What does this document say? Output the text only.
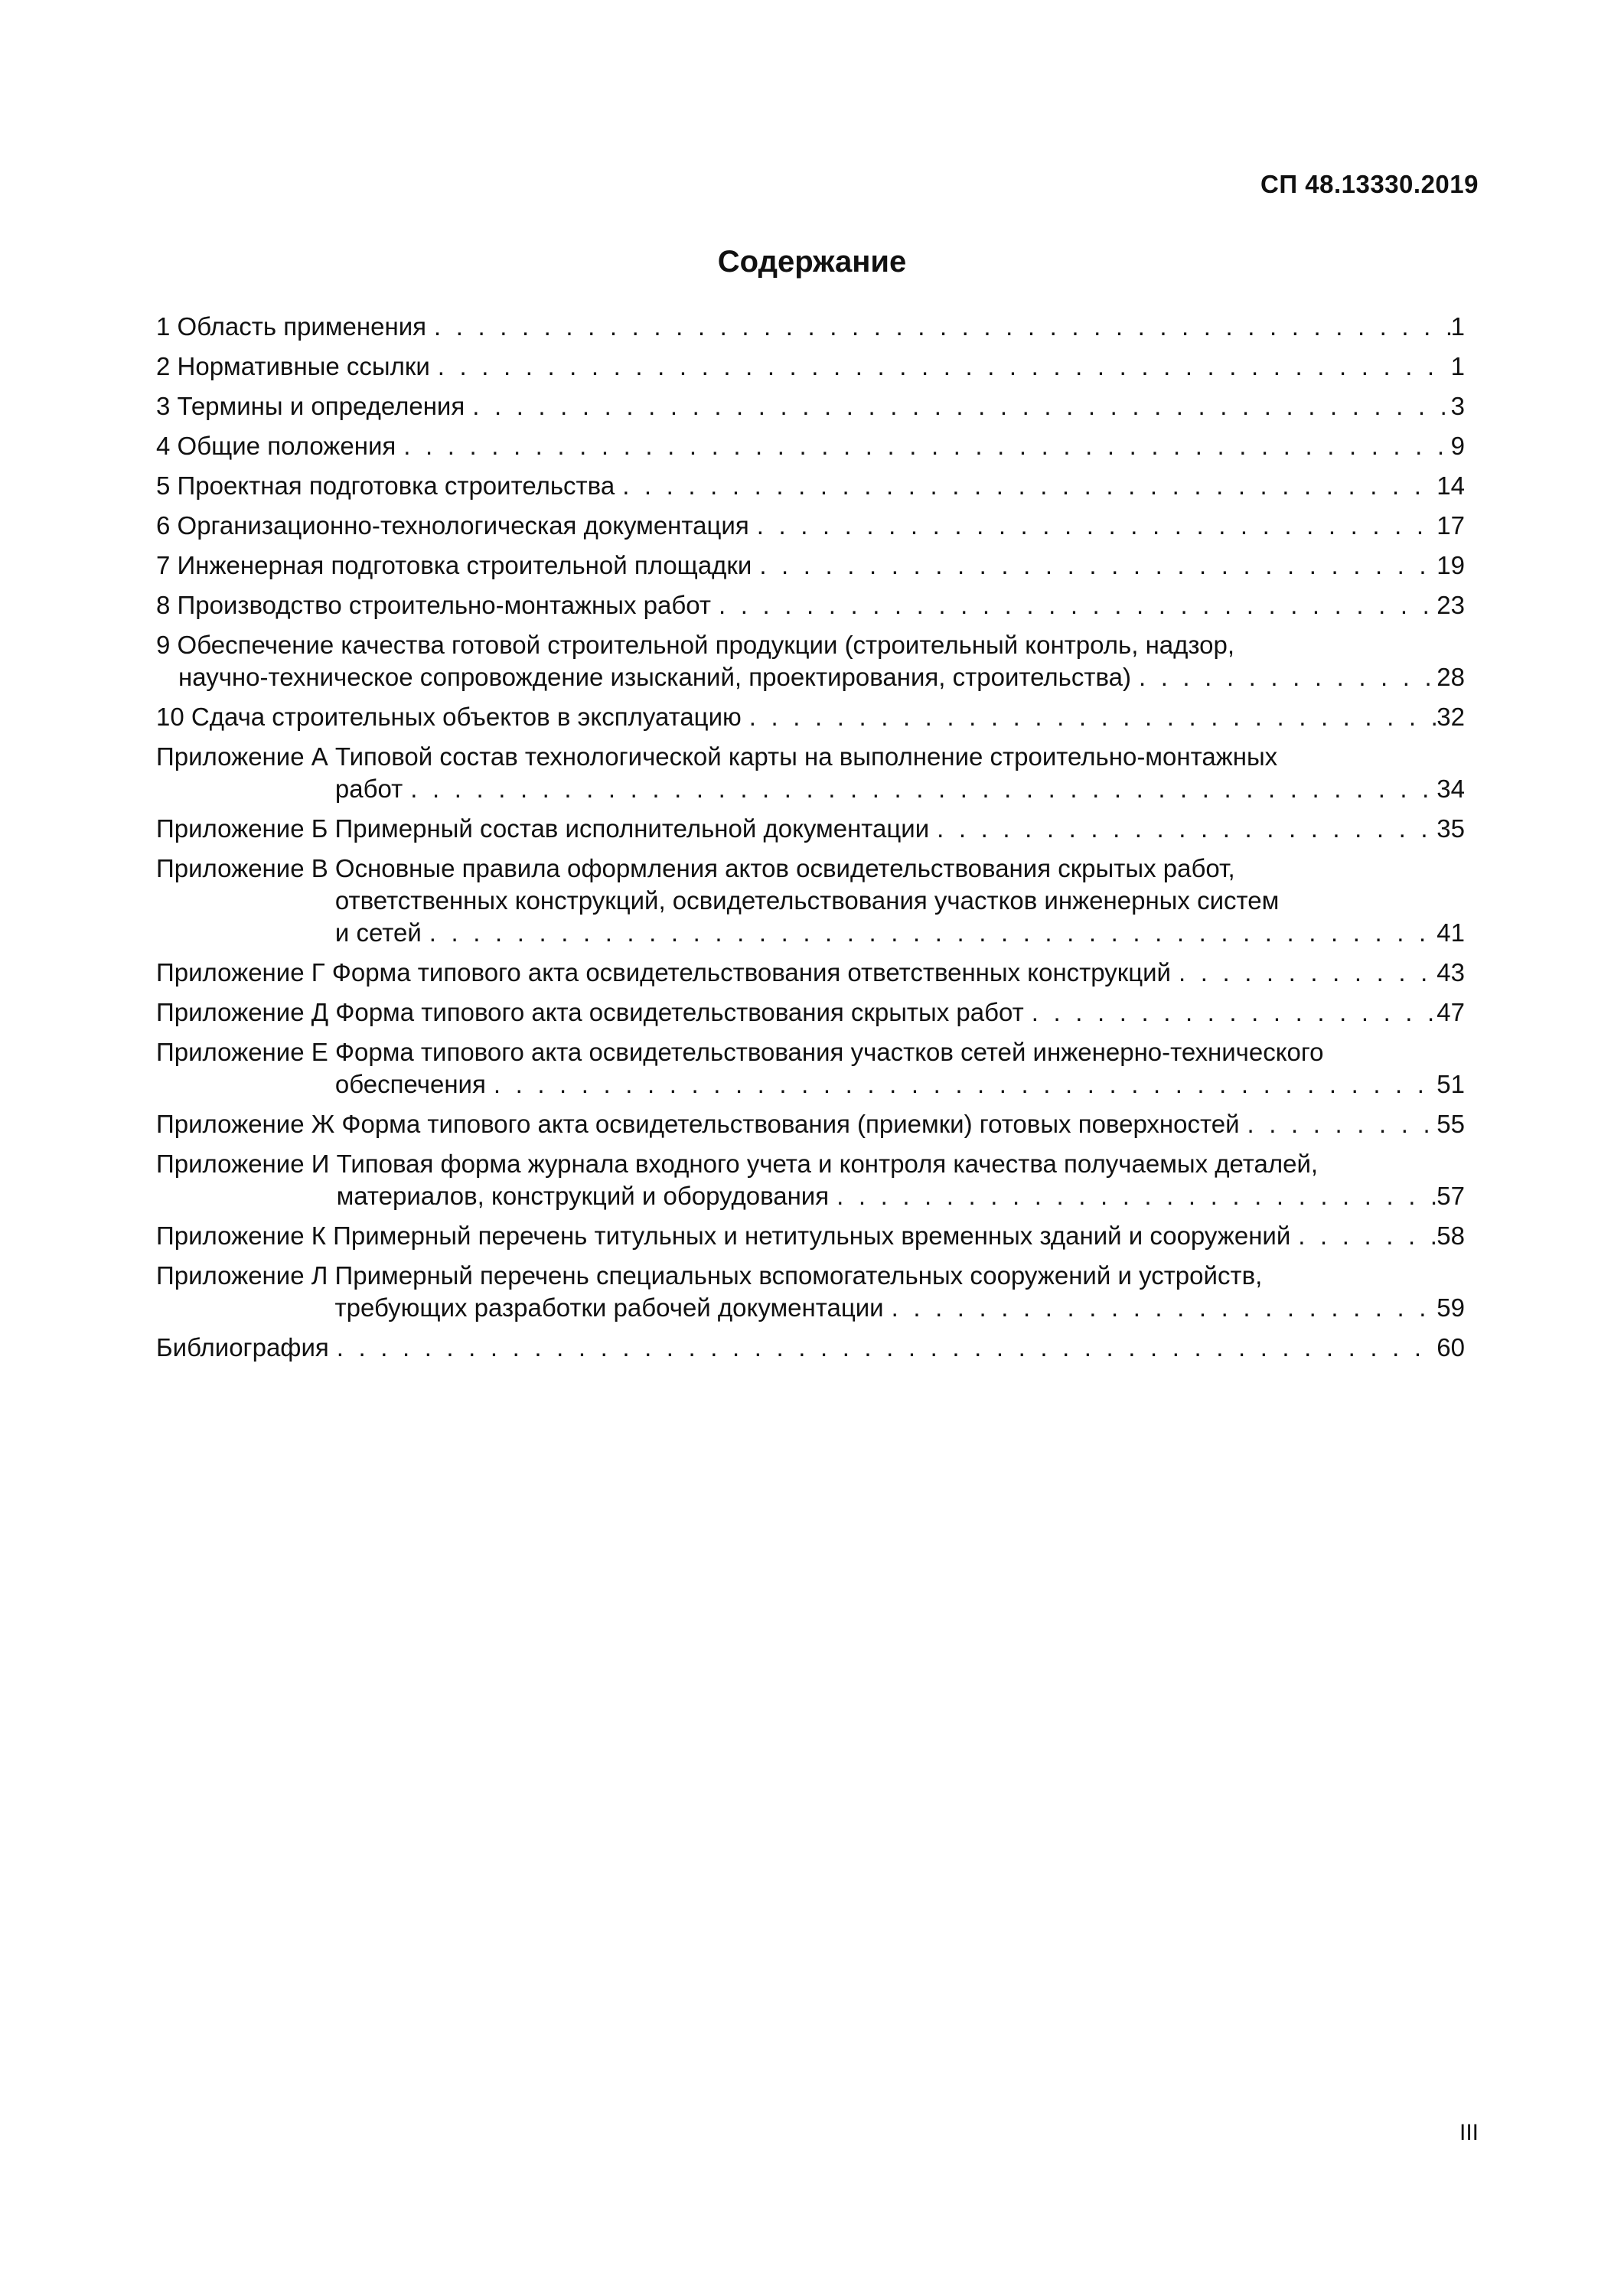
СП 48.13330.2019
Содержание
1 Область применения . . .	1
2 Нормативные ссылки . . .	1
3 Термины и определения . . .	3
4 Общие положения . . .	9
5 Проектная подготовка строительства . . .	14
6 Организационно-технологическая документация . . .	17
7 Инженерная подготовка строительной площадки . . .	19
8 Производство строительно-монтажных работ . . .	23
9 Обеспечение качества готовой строительной продукции (строительный контроль, надзор,
научно-техническое сопровождение изысканий, проектирования, строительства) . . .	28
10 Сдача строительных объектов в эксплуатацию . . .	32
Приложение А Типовой состав технологической карты на выполнение строительно-монтажных
работ . . .	34
Приложение Б Примерный состав исполнительной документации . . .	35
Приложение В Основные правила оформления актов освидетельствования скрытых работ,
ответственных конструкций, освидетельствования участков инженерных систем
и сетей . . .	41
Приложение Г Форма типового акта освидетельствования ответственных конструкций . . .	43
Приложение Д Форма типового акта освидетельствования скрытых работ . . .	47
Приложение Е Форма типового акта освидетельствования участков сетей инженерно-технического
обеспечения . . .	51
Приложение Ж Форма типового акта освидетельствования (приемки) готовых поверхностей . . .	55
Приложение И Типовая форма журнала входного учета и контроля качества получаемых деталей,
материалов, конструкций и оборудования . . .	57
Приложение К Примерный перечень титульных и нетитульных временных зданий и сооружений . . .	58
Приложение Л Примерный перечень специальных вспомогательных сооружений и устройств,
требующих разработки рабочей документации . . .	59
Библиография . . .	60
III
